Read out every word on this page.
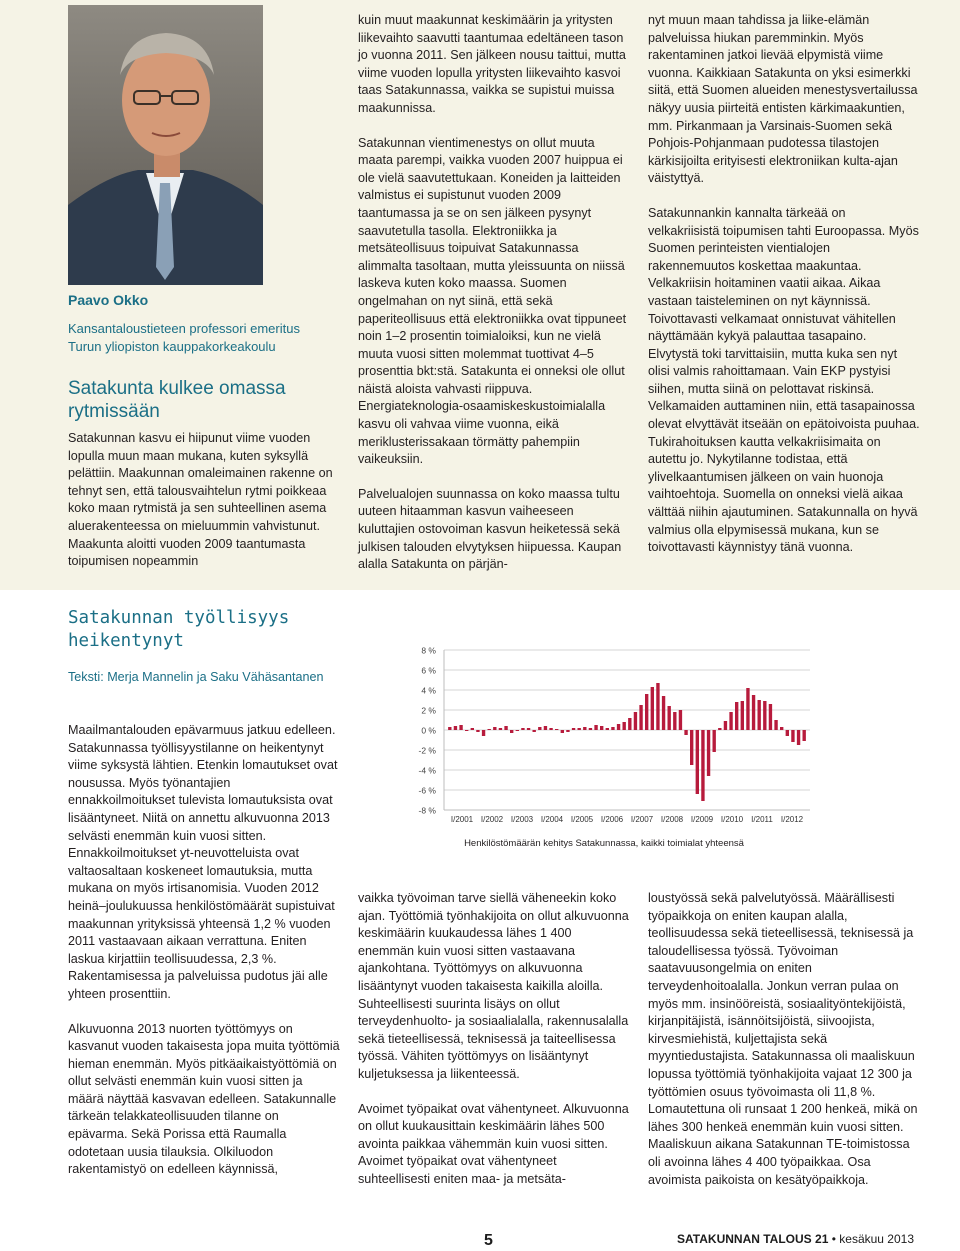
Paavo Okko
Kansantaloustieteen professori emeritus
Turun yliopiston kauppakorkeakoulu
Satakunta kulkee omassa rytmissään

Satakunnan kasvu ei hiipunut viime vuoden lopulla muun maan mukana, kuten syksyllä pelättiin. Maakunnan omaleimainen rakenne on tehnyt sen, että talousvaihtelun rytmi poikkeaa koko maan rytmistä ja sen suhteellinen asema aluerakenteessa on mieluummin vahvistunut. Maakunta aloitti vuoden 2009 taantumasta toipumisen nopeammin

kuin muut maakunnat keskimäärin ja yritysten liikevaihto saavutti taantumaa edeltäneen tason jo vuonna 2011. Sen jälkeen nousu taittui, mutta viime vuoden lopulla yritysten liikevaihto kasvoi taas Satakunnassa, vaikka se supistui muissa maakunnissa.

Satakunnan vientimenestys on ollut muuta maata parempi, vaikka vuoden 2007 huippua ei ole vielä saavutettukaan. Koneiden ja laitteiden valmistus ei supistunut vuoden 2009 taantumassa ja se on sen jälkeen pysynyt saavutetulla tasolla. Elektroniikka ja metsäteollisuus toipuivat Satakunnassa alimmalta tasoltaan, mutta yleissuunta on niissä laskeva kuten koko maassa. Suomen ongelmahan on nyt siinä, että sekä paperiteollisuus että elektroniikka ovat tippuneet noin 1–2 prosentin toimialoiksi, kun ne vielä muuta vuosi sitten molemmat tuottivat 4–5 prosenttia bkt:stä. Satakunta ei onneksi ole ollut näistä aloista vahvasti riippuva. Energiateknologia-osaamiskeskustoimialalla kasvu oli vahvaa viime vuonna, eikä meriklusterissakaan törmätty pahempiin vaikeuksiin.

Palvelualojen suunnassa on koko maassa tultu uuteen hitaamman kasvun vaiheeseen kuluttajien ostovoiman kasvun heiketessä sekä julkisen talouden elvytyksen hiipuessa. Kaupan alalla Satakunta on pärjän-

nyt muun maan tahdissa ja liike-elämän palveluissa hiukan paremminkin. Myös rakentaminen jatkoi lievää elpymistä viime vuonna. Kaikkiaan Satakunta on yksi esimerkki siitä, että Suomen alueiden menestysvertailussa näkyy uusia piirteitä entisten kärkimaakuntien, mm. Pirkanmaan ja Varsinais-Suomen sekä Pohjois-Pohjanmaan pudotessa tilastojen kärkisijoilta erityisesti elektroniikan kulta-ajan väistyttyä.

Satakunnankin kannalta tärkeää on velkakriisistä toipumisen tahti Euroopassa. Myös Suomen perinteisten vientialojen rakennemuutos koskettaa maakuntaa. Velkakriisin hoitaminen vaatii aikaa. Aikaa vastaan taisteleminen on nyt käynnissä. Toivottavasti velkamaat onnistuvat vähitellen näyttämään kykyä palauttaa tasapaino. Elvytystä toki tarvittaisiin, mutta kuka sen nyt olisi valmis rahoittamaan. Vain EKP pystyisi siihen, mutta siinä on pelottavat riskinsä. Velkamaiden auttaminen niin, että tasapainossa olevat elvyttävät itseään on epätoivoista puuhaa. Tukirahoituksen kautta velkakriisimaita on autettu jo. Nykytilanne todistaa, että ylivelkaantumisen jälkeen on vain huonoja vaihtoehtoja. Suomella on onneksi vielä aikaa välttää niihin ajautuminen. Satakunnalla on hyvä valmius olla elpymisessä mukana, kun se toivottavasti käynnistyy tänä vuonna.

Satakunnan työllisyys heikentynyt
Teksti: Merja Mannelin ja Saku Vähäsantanen

Maailmantalouden epävarmuus jatkuu edelleen. Satakunnassa työllisyystilanne on heikentynyt viime syksystä lähtien. Etenkin lomautukset ovat nousussa. Myös työnantajien ennakkoilmoitukset tulevista lomautuksista ovat lisääntyneet. Niitä on annettu alkuvuonna 2013 selvästi enemmän kuin vuosi sitten. Ennakkoilmoitukset yt-neuvotteluista ovat valtaosaltaan koskeneet lomautuksia, mutta mukana on myös irtisanomisia. Vuoden 2012 heinä–joulukuussa henkilöstömäärät supistuivat maakunnan yrityksissä yhteensä 1,2 % vuoden 2011 vastaavaan aikaan verrattuna. Eniten laskua kirjattiin teollisuudessa, 2,3 %. Rakentamisessa ja palveluissa pudotus jäi alle yhteen prosenttiin.

Alkuvuonna 2013 nuorten työttömyys on kasvanut vuoden takaisesta jopa muita työttömiä hieman enemmän. Myös pitkäaikaistyöttömiä on ollut selvästi enemmän kuin vuosi sitten ja määrä näyttää kasvavan edelleen. Satakunnalle tärkeän telakkateollisuuden tilanne on epävarma. Sekä Porissa että Raumalla odotetaan uusia tilauksia. Olkiluodon rakentamistyö on edelleen käynnissä,

8 %
6 %
4 %
2 %
0 %
-2 %
-4 %
-6 %
-8 %
I/2001 I/2002 I/2003 I/2004 I/2005 I/2006 I/2007 I/2008 I/2009 I/2010 I/2011 I/2012
Henkilöstömäärän kehitys Satakunnassa, kaikki toimialat yhteensä

vaikka työvoiman tarve siellä väheneekin koko ajan. Työttömiä työnhakijoita on ollut alkuvuonna keskimäärin kuukaudessa lähes 1 400 enemmän kuin vuosi sitten vastaavana ajankohtana. Työttömyys on alkuvuonna lisääntynyt vuoden takaisesta kaikilla aloilla. Suhteellisesti suurinta lisäys on ollut terveydenhuolto- ja sosiaalialalla, rakennusalalla sekä tieteellisessä, teknisessä ja taiteellisessa työssä. Vähiten työttömyys on lisääntynyt kuljetuksessa ja liikenteessä.

Avoimet työpaikat ovat vähentyneet. Alkuvuonna on ollut kuukausittain keskimäärin lähes 500 avointa paikkaa vähemmän kuin vuosi sitten. Avoimet työpaikat ovat vähentyneet suhteellisesti eniten maa- ja metsäta-

loustyössä sekä palvelutyössä. Määrällisesti työpaikkoja on eniten kaupan alalla, teollisuudessa sekä tieteellisessä, teknisessä ja taloudellisessa työssä. Työvoiman saatavuusongelmia on eniten terveydenhoitoalalla. Jonkun verran pulaa on myös mm. insinööreistä, sosiaalityöntekijöistä, kirjanpitäjistä, isännöitsijöistä, siivoojista, kirvesmiehistä, kuljettajista sekä myyntiedustajista. Satakunnassa oli maaliskuun lopussa työttömiä työnhakijoita vajaat 12 300 ja työttömien osuus työvoimasta oli 11,8 %. Lomautettuna oli runsaat 1 200 henkeä, mikä on lähes 300 henkeä enemmän kuin vuosi sitten. Maaliskuun aikana Satakunnan TE-toimistossa oli avoinna lähes 4 400 työpaikkaa. Osa avoimista paikoista on kesätyöpaikkoja.

5	SATAKUNNAN TALOUS 21 • kesäkuu 2013
